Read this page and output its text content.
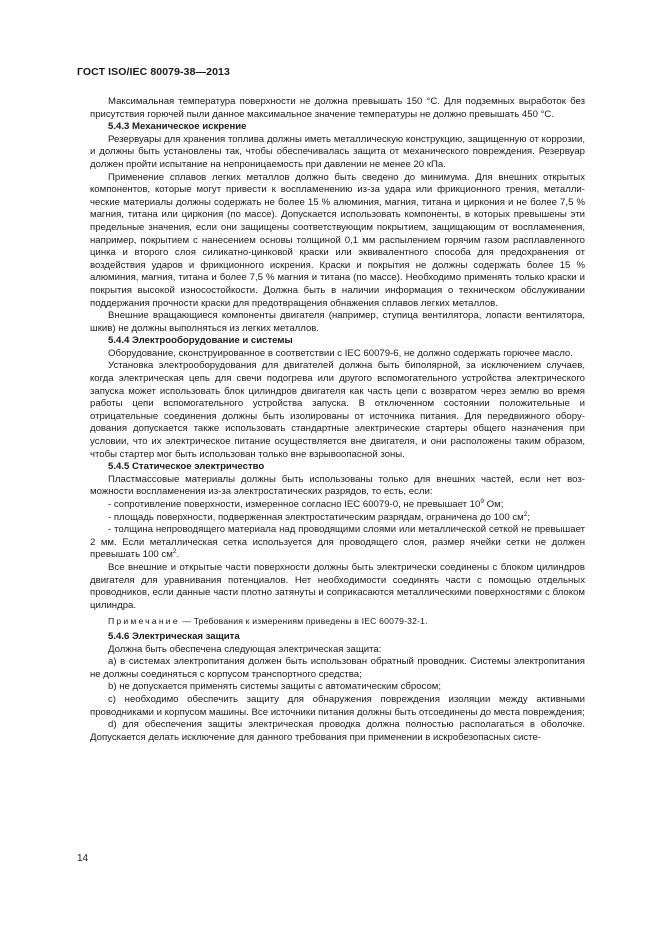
ГОСТ ISO/IEC 80079-38—2013

Максимальная температура поверхности не должна превышать 150 °С. Для подземных выработок без присутствия горючей пыли данное максимальное значение температуры не должно превышать 450 °С.

5.4.3 Механическое искрение

Резервуары для хранения топлива должны иметь металлическую конструкцию, защищенную от коррозии, и должны быть установлены так, чтобы обеспечивалась защита от механического повреждения. Резервуар должен пройти испытание на непроницаемость при давлении не менее 20 кПа.

Применение сплавов легких металлов должно быть сведено до минимума. Для внешних открытых компонентов, которые могут привести к воспламенению из-за удара или фрикционного трения, металлические материалы должны содержать не более 15 % алюминия, магния, титана и циркония и не более 7,5 % магния, титана или циркония (по массе). Допускается использовать компоненты, в которых превышены эти предельные значения, если они защищены соответствующим покрытием, защищающим от воспламенения, например, покрытием с нанесением основы толщиной 0,1 мм распылением горячим газом расплавленного цинка и второго слоя силикатно-цинковой краски или эквивалентного способа для предохранения от воздействия ударов и фрикционного искрения. Краски и покрытия не должны содержать более 15 % алюминия, магния, титана и более 7,5 % магния и титана (по массе). Необходимо применять только краски и покрытия высокой износостойкости. Должна быть в наличии информация о техническом обслуживании поддержания прочности краски для предотвращения обнажения сплавов легких металлов.

Внешние вращающиеся компоненты двигателя (например, ступица вентилятора, лопасти вентилятора, шкив) не должны выполняться из легких металлов.

5.4.4 Электрооборудование и системы

Оборудование, сконструированное в соответствии с IEC 60079-6, не должно содержать горючее масло.

Установка электрооборудования для двигателей должна быть биполярной, за исключением случаев, когда электрическая цепь для свечи подогрева или другого вспомогательного устройства электрического запуска может использовать блок цилиндров двигателя как часть цепи с возвратом через землю во время работы цепи вспомогательного устройства запуска. В отключенном состоянии положительные и отрицательные соединения должны быть изолированы от источника питания. Для передвижного оборудования допускается также использовать стандартные электрические стартеры общего назначения при условии, что их электрическое питание осуществляется вне двигателя, и они расположены таким образом, чтобы стартер мог быть использован только вне взрывоопасной зоны.

5.4.5 Статическое электричество

Пластмассовые материалы должны быть использованы только для внешних частей, если нет возможности воспламенения из-за электростатических разрядов, то есть, если:

- сопротивление поверхности, измеренное согласно IEC 60079-0, не превышает $10^9$ Ом;

- площадь поверхности, подверженная электростатическим разрядам, ограничена до 100 $см^2$;

- толщина непроводящего материала над проводящими слоями или металлической сеткой не превышает 2 мм. Если металлическая сетка используется для проводящего слоя, размер ячейки сетки не должен превышать 100 $см^2$.

Все внешние и открытые части поверхности должны быть электрически соединены с блоком цилиндров двигателя для уравнивания потенциалов. Нет необходимости соединять части с помощью отдельных проводников, если данные части плотно затянуты и соприкасаются металлическими поверхностями с блоком цилиндра.

Примечание — Требования к измерениям приведены в IEC 60079-32-1.
5.4.6 Электрическая защита

Должна быть обеспечена следующая электрическая защита:

а) в системах электропитания должен быть использован обратный проводник. Системы электропитания не должны соединяться с корпусом транспортного средства;

b) не допускается применять системы защиты с автоматическим сбросом;

с) необходимо обеспечить защиту для обнаружения повреждения изоляции между активными проводниками и корпусом машины. Все источники питания должны быть отсоединены до места повреждения;

d) для обеспечения защиты электрическая проводка должна полностью располагаться в оболочке. Допускается делать исключение для данного требования при применении в искробезопасных систе-

14
